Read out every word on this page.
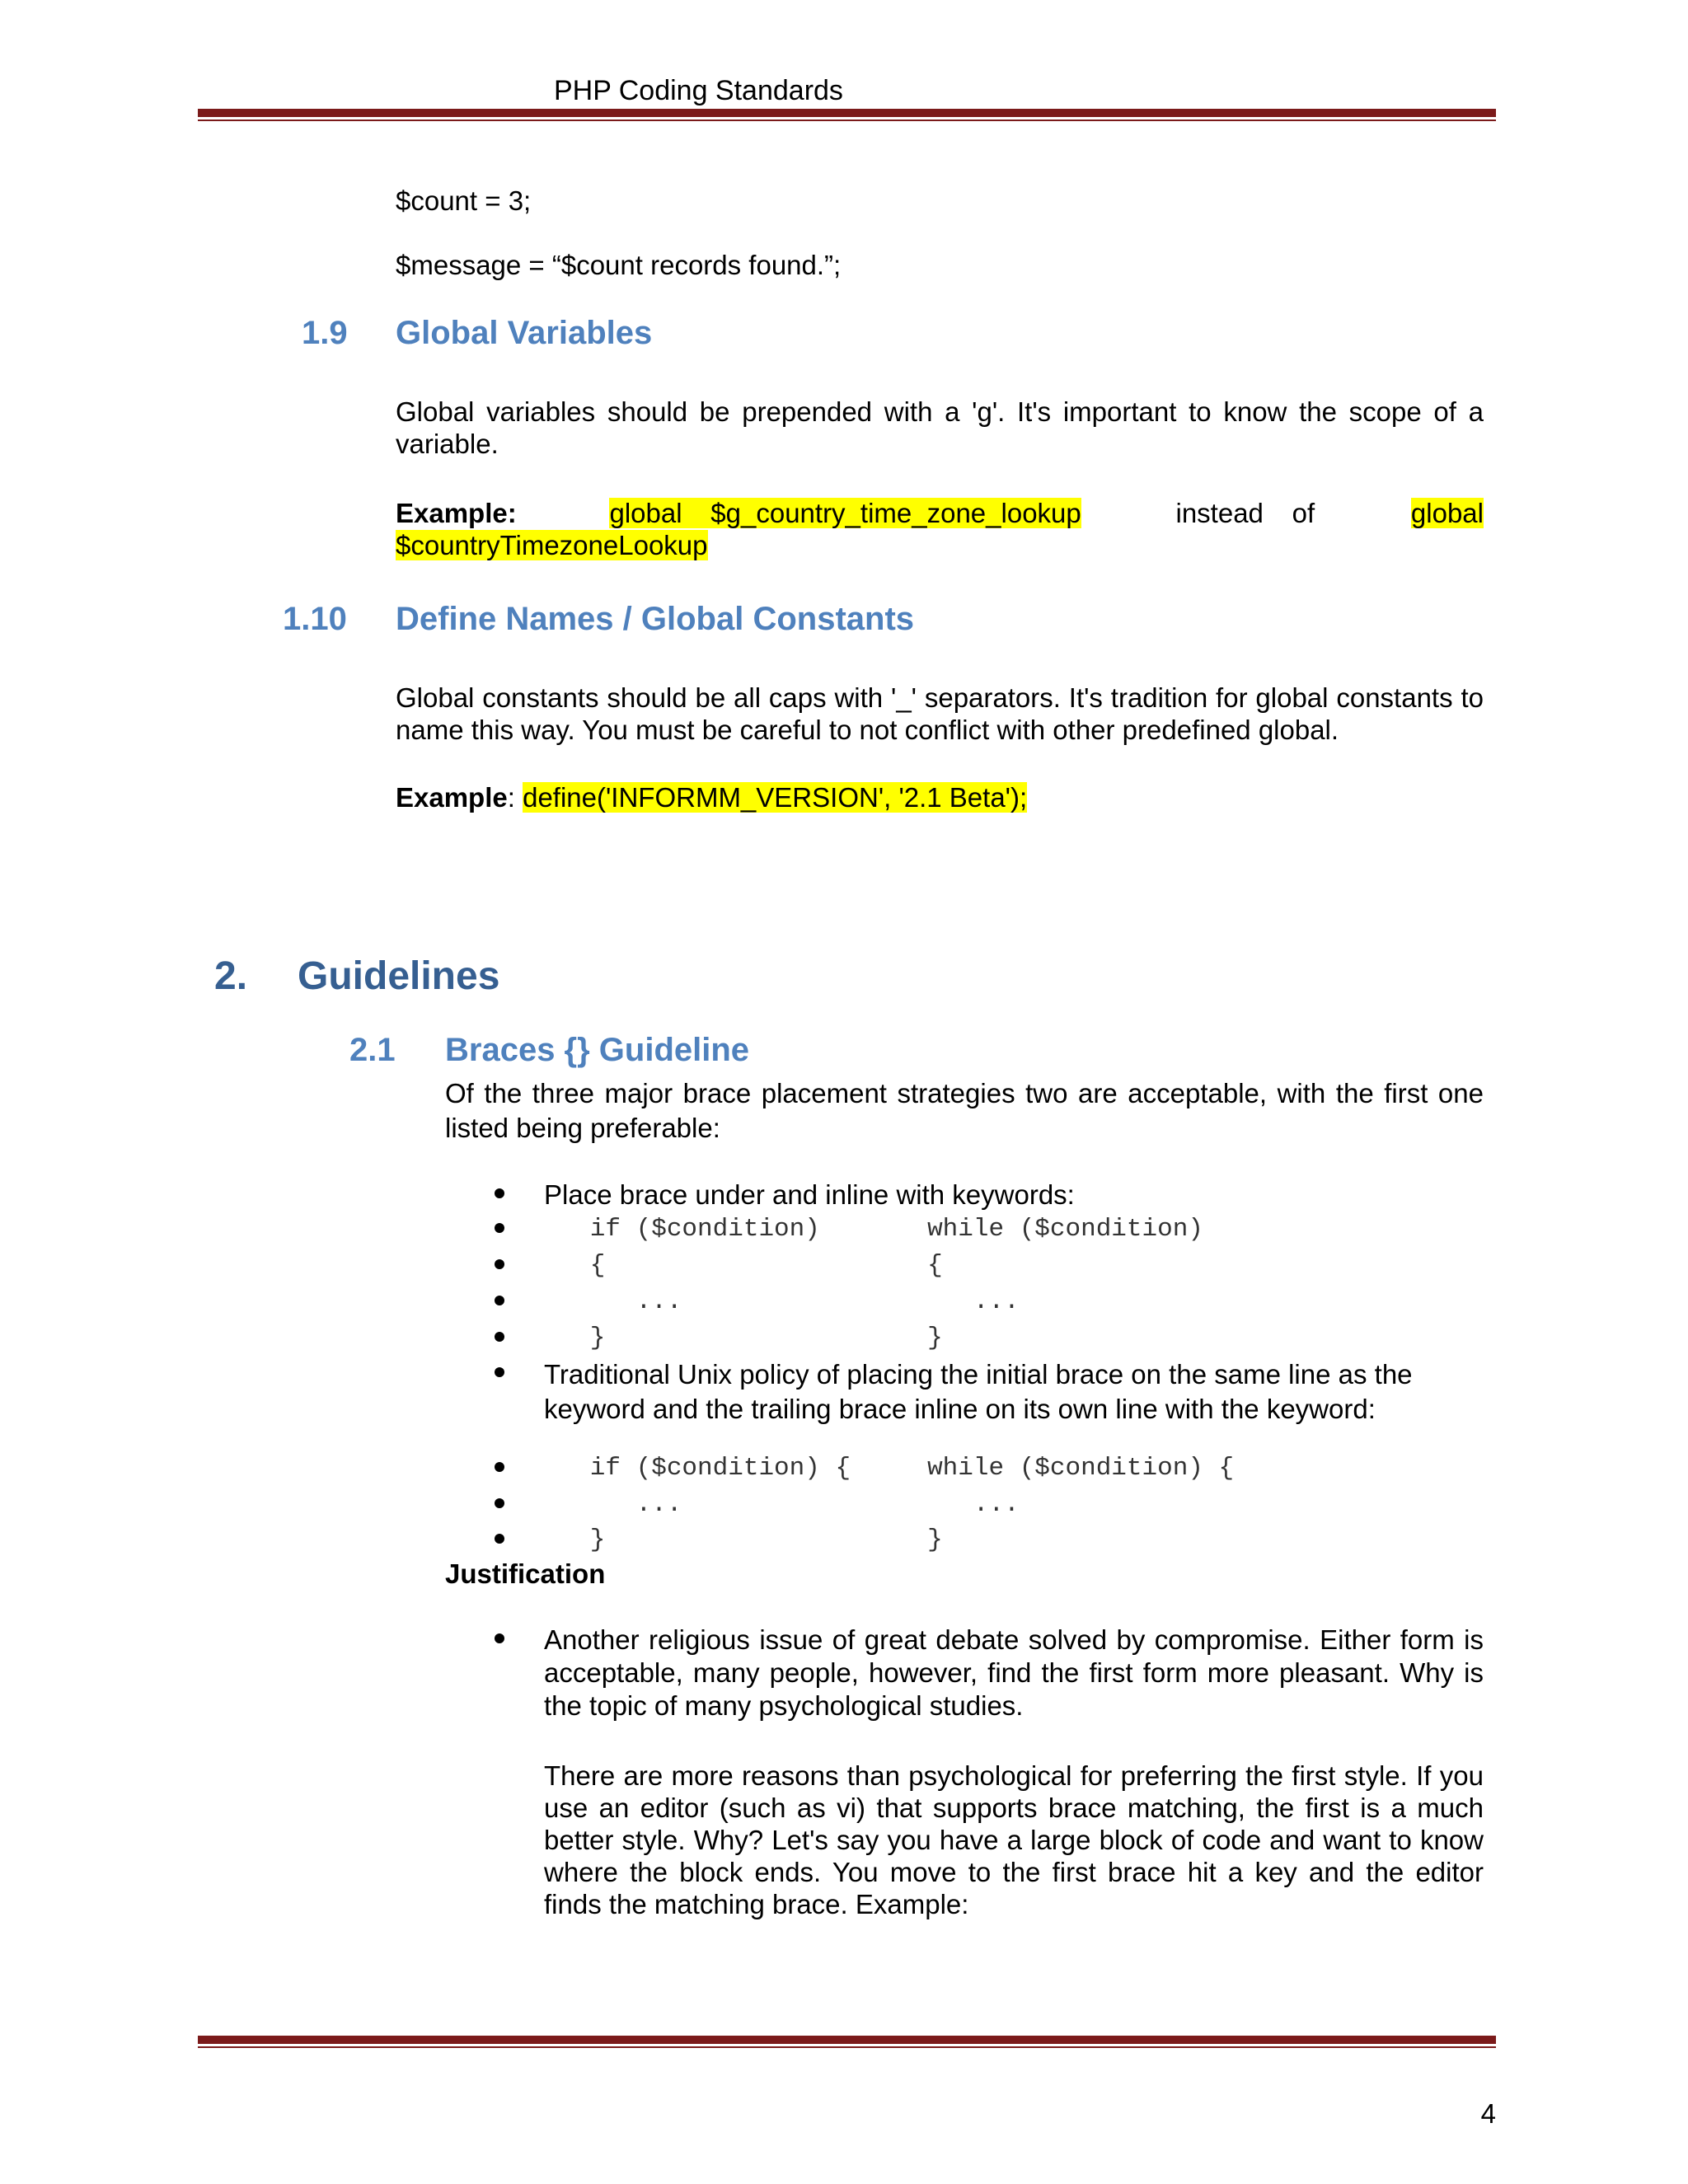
PHP Coding Standards
$count = 3;
$message = “$count records found.”;
1.9 Global Variables
Global variables should be prepended with a 'g'. It's important to know the scope of a variable.
Example:	global $g_country_time_zone_lookup instead of global $countryTimezoneLookup
1.10 Define Names / Global Constants
Global constants should be all caps with '_' separators. It's tradition for global constants to name this way. You must be careful to not conflict with other predefined global.
Example: define('INFORMM_VERSION', '2.1 Beta');
2. Guidelines
2.1 Braces {} Guideline
Of the three major brace placement strategies two are acceptable, with the first one listed being preferable:
Place brace under and inline with keywords:
if ($condition)       while ($condition)
{                     {
...                   ...
}                     }
Traditional Unix policy of placing the initial brace on the same line as the keyword and the trailing brace inline on its own line with the keyword:
if ($condition) {     while ($condition) {
...                   ...
}                     }
Justification
Another religious issue of great debate solved by compromise. Either form is acceptable, many people, however, find the first form more pleasant. Why is the topic of many psychological studies.
There are more reasons than psychological for preferring the first style. If you use an editor (such as vi) that supports brace matching, the first is a much better style. Why? Let's say you have a large block of code and want to know where the block ends. You move to the first brace hit a key and the editor finds the matching brace. Example:
4
